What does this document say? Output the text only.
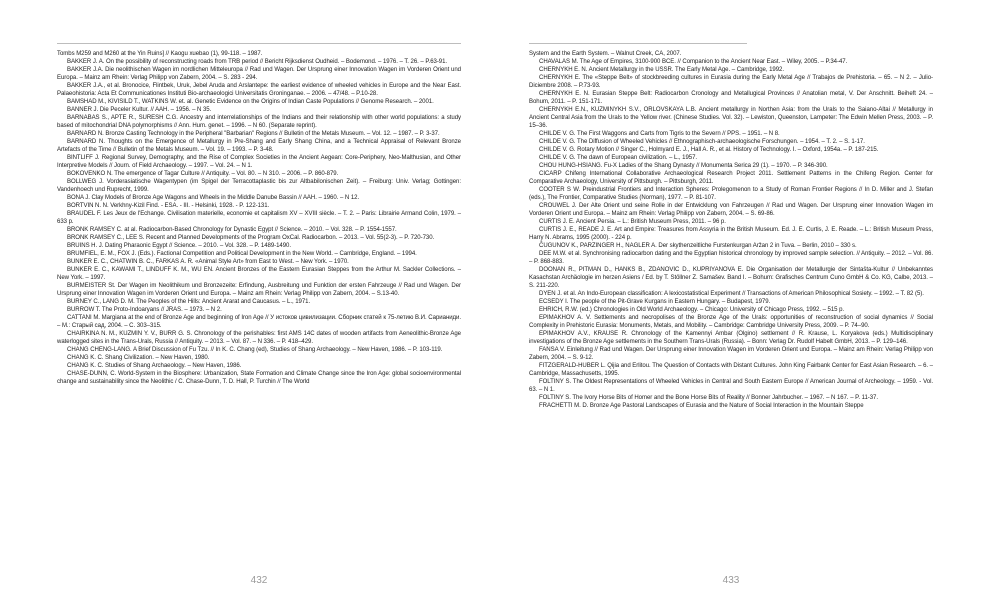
Tombs M259 and M260 at the Yin Ruins] // Kaogu xuebao (1), 99-118. – 1987.

BAKKER J. A. On the possibility of reconstructing roads from TRB period // Bericht Rijksdienst Oudheid. – Bodemond. – 1976. – T. 26. – P.63-91.

BAKKER J.A. Die neolithischen Wagen im nordlichen Mitteleuropa // Rad und Wagen. Der Ursprung einer Innovation Wagen im Vorderen Orient und Europa. – Mainz am Rhein: Verlag Philipp von Zabern, 2004. – S. 283 - 294.

BAKKER J.A., et al. Bronocice, Flintbek, Uruk, Jebel Aruda and Arslantepe: the earliest evidence of wheeled vehicles in Europe and the Near East. Palaeohistoria: Acta Et Communicationes Instituti Bio-archaeologici Universitatis Groninganae. – 2006. – 47/48. – P.10-28.

BAMSHAD M., KIVISILD T., WATKINS W. et. al. Genetic Evidence on the Origins of Indian Caste Populations // Genome Research. – 2001.

BANNER J. Die Peceler Kultur. // AAH. – 1956. – N 35.

BARNABAS S., APTE R., SURESH C.G. Ancestry and interrelationships of the Indians and their relationship with other world populations: a study based of mitochondrial DNA polymorphisms // Ann. Hum. genet. – 1996. – N 60. (Separate reprint).

BARNARD N. Bronze Casting Technology in the Peripheral "Barbarian" Regions // Bulletin of the Metals Museum. – Vol. 12. – 1987. – P. 3-37.

BARNARD N. Thoughts on the Emergence of Metallurgy in Pre-Shang and Early Shang China, and a Technical Appraisal of Relevant Bronze Artefacts of the Time // Bulletin of the Metals Museum. – Vol. 19. – 1993. – P. 3-48.

BINTLIFF J. Regional Survey, Demography, and the Rise of Complex Societies in the Ancient Aegean: Core-Periphery, Neo-Malthusian, and Other Interpretive Models // Journ. of Field Archaeology. – 1997. – Vol. 24. – N 1.

BOKOVENKO N. The emergence of Tagar Culture // Antiquity. – Vol. 80. – N 310. – 2006. – P. 860-879.

BOLLWEG J. Vorderasiatische Wagentypen (im Spigel der Terracottaplastic bis zur Altbabilonischen Zeit). – Freiburg: Univ. Verlag; Gottingen: Vandenhoech und Ruprecht, 1999.

BONA J. Clay Models of Bronze Age Wagons and Wheels in the Middle Danube Bassin // AAH. – 1960. – N 12.

BORTVIN N. N. Verkhny-Kizil Find. - ESA. - III. - Helsinki, 1928. - P. 122-131.

BRAUDEL F. Les Jeux de l'Echange. Civilisation materielle, economie et capitalism XV – XVIII siècle. – T. 2. – Paris: Librairie Armand Colin, 1979. – 633 p.

BRONK RAMSEY C. at al. Radiocarbon-Based Chronology for Dynastic Egypt // Science. – 2010. – Vol. 328. – P. 1554-1557.

BRONK RAMSEY C., LEE S. Recent and Planned Developments of the Program OxCal. Radiocarbon. – 2013. – Vol. 55(2-3). – P. 720-730.

BRUINS H. J. Dating Pharaonic Egypt // Science. – 2010. – Vol. 328. – P. 1489-1490.

BRUMFIEL, E. M., FOX J. (Eds.). Factional Competition and Political Development in the New World. – Cambridge, England. – 1994.

BUNKER E. C., CHATWIN B. C., FARKAS A. R. «Animal Style Art» from East to West. – New York. – 1970.

BUNKER E. C., KAWAMI T., LINDUFF K. M., WU EN. Ancient Bronzes of the Eastern Eurasian Steppes from the Arthur M. Sackler Collections. – New York. – 1997.

BURMEISTER St. Der Wagen im Neolithikum und Bronzezeite: Erfindung, Ausbreitung und Funktion der ersten Fahrzeuge // Rad und Wagen. Der Ursprung einer Innovation Wagen im Vorderen Orient und Europa. – Mainz am Rhein: Verlag Philipp von Zabern, 2004. – S.13-40.

BURNEY C., LANG D. M. The Peoples of the Hills: Ancient Ararat and Caucasus. – L., 1971.

BURROW T. The Proto-Indoaryans // JRAS. – 1973. – N 2.

CATTANI M. Margiana at the end of Bronze Age and beginning of Iron Age // У истоков цивилизации. Сборник статей к 75-летию В.И. Сарианиди. – М.: Старый сад, 2004. – С. 303–315.

CHAIRKINA N. M., KUZMIN Y. V., BURR G. S. Chronology of the perishables: first AMS 14C dates of wooden artifacts from Aeneolithic-Bronze Age waterlogged sites in the Trans-Urals, Russia // Antiquity. – 2013. – Vol. 87. – N 336. – P. 418–429.

CHANG CHENG-LANG. A Brief Discussion of Fu Tzu. // In K. C. Chang (ed), Studies of Shang Archaeology. – New Haven, 1986. – P. 103-119.

CHANG K. C. Shang Civilization. – New Haven, 1980.

CHANG K. C. Studies of Shang Archaeology. – New Haven, 1986.

CHASE-DUNN, C. World-System in the Biosphere: Urbanization, State Formation and Climate Change since the Iron Age: global socioenvironmental change and sustainability since the Neolithic / C. Chase-Dunn, T. D. Hall, P. Turchin // The World

432

System and the Earth System. – Walnut Creek, CA, 2007.

CHAVALAS M. The Age of Empires, 3100-900 BCE. // Companion to the Ancient Near East. – Wiley, 2005. – P.34-47.

CHERNYKH E. N. Ancient Metallurgy in the USSR. The Early Metal Age. – Cambridge, 1992.

CHERNYKH E. The «Steppe Belt» of stockbreeding cultures in Eurasia during the Early Metal Age // Trabajos de Prehistoria. – 65. – N 2. – Julio-Diciembre 2008. – P.73-93.

CHERNYKH E. N. Eurasian Steppe Belt: Radiocarbon Cronology and Metallugical Provinces // Anatolian metal, V. Der Anschnitt. Beiheft 24. – Bohum, 2011. – P. 151-171.

CHERNYKH E.N., KUZMINYKH S.V., ORLOVSKAYA L.B. Ancient metallurgy in Northen Asia: from the Urals to the Saiano-Altai // Metallurgy in Ancient Central Asia from the Urals to the Yellow river. (Chinese Studies. Vol. 32). – Lewiston, Queenston, Lampeter: The Edwin Mellen Press, 2003. – P. 15–36.

CHILDE V. G. The First Waggons and Carts from Tigris to the Severn // PPS. – 1951. – N 8.

CHILDE V. G. The Diffusion of Wheeled Vehicles // Ethnographisch-archaeologische Forschungen. – 1954. – T. 2. – S. 1-17.

CHILDE V. G. Rotary Motion // Singer C., Holmyard E. J., Hall A. R., et al. History of Technology. I. – Oxford, 1954a. – P. 187-215.

CHILDE V. G. The dawn of European civilization. – L., 1957.

CHOU HUNG-HSIANG. Fu-X Ladies of the Shang Dynasty // Monumenta Serica 29 (1). – 1970. – P. 346-390.

CICARP Chifeng International Collaborative Archaeological Research Project 2011. Settlement Patterns in the Chifeng Region. Center for Comparative Archaeology, University of Pittsburgh. – Pittsburgh, 2011.

COOTER S W. Preindustrial Frontiers and Interaction Spheres: Prolegomenon to a Study of Roman Frontier Regions // In D. Miller and J. Stefan (eds.), The Frontier, Comparative Studies (Norman), 1977. – P. 81-107.

CROUWEL J. Der Alte Orient und seine Rolle in der Entwicklung von Fahrzeugen // Rad und Wagen. Der Ursprung einer Innovation Wagen im Vorderen Orient und Europa. – Mainz am Rhein: Verlag Philipp von Zabern, 2004. – S. 69-86.

CURTIS J. E. Ancient Persia. – L.: British Museum Press, 2011. – 96 p.

CURTIS J. E., READE J. E. Art and Empire: Treasures from Assyria in the British Museum. Ed. J. E. Curtis, J. E. Reade. – L.: British Museum Press, Harry N. Abrams, 1995 (2000). - 224 p.

ČUGUNOV K., PARZINGER H., NAGLER A. Der skythenzeitliche Furstenkurgan Aržan 2 in Tuva. – Berlin, 2010 – 330 s.

DEE M.W. et al. Synchronising radiocarbon dating and the Egyptian historical chronology by improved sample selection. // Antiquity. – 2012. – Vol. 86. – P. 868-883.

DOONAN R., PITMAN D., HANKS B., ZDANOVIC D., KUPRIYANOVA E. Die Organisation der Metallurgie der Sintašta-Kultur // Unbekanntes Kasachstan Archäologie im herzen Asiens / Ed. by T. Stöllner Z. Samašev. Band I. – Bohum: Grafisches Centrum Cuno GmbH & Co. KG, Calbe, 2013. – S. 211-220.

DYEN J. et al. An Indo-European classification: A lexicostatistical Experiment // Transactions of American Philosophical Sosiety. – 1992. – T. 82 (5).

ECSEDY I. The people of the Pit-Grave Kurgans in Eastern Hungary. – Budapest, 1979.

EHRICH, R.W. (ed.) Chronologies in Old World Archaeology. – Chicago: University of Chicago Press, 1992. – 515 p.

EPIMAKHOV A. V. Settlements and necropolises of the Bronze Age of the Urals: opportunities of reconstruction of social dynamics // Social Complexity in Prehistoric Eurasia: Monuments, Metals, and Mobility. – Cambridge: Cambridge University Press, 2009. – P. 74–90.

EPIMAKHOV A.V., KRAUSE R. Chronology of the Kamennyi Ambar (Olgino) settlement // R. Krause, L. Koryakova (eds.) Multidisciplinary investigations of the Bronze Age settlements in the Southern Trans-Urals (Russia). – Bonn: Verlag Dr. Rudolf Habelt GmbH, 2013. – P. 129–146.

FANSA V. Einleitung // Rad und Wagen. Der Ursprung einer Innovation Wagen im Vorderen Orient und Europa. – Mainz am Rhein: Verlag Philipp von Zabern, 2004. – S. 9-12.

FITZGERALD-HUBER L. Qijia and Erlitou. The Question of Contacts with Distant Cultures. John King Fairbank Center for East Asian Research. – 6. – Cambridge, Massachusetts, 1995.

FOLTINY S. The Oldest Representations of Wheeled Vehicles in Central and South Eastern Europe // American Journal of Archeology. – 1959. - Vol. 63. – N 1.

FOLTINY S. The Ivory Horse Bits of Homer and the Bone Horse Bits of Reality // Bonner Jahrbucher. – 1967. – N 167. – P. 11-37.

FRACHETTI M. D. Bronze Age Pastoral Landscapes of Eurasia and the Nature of Social Interaction in the Mountain Steppe

433
